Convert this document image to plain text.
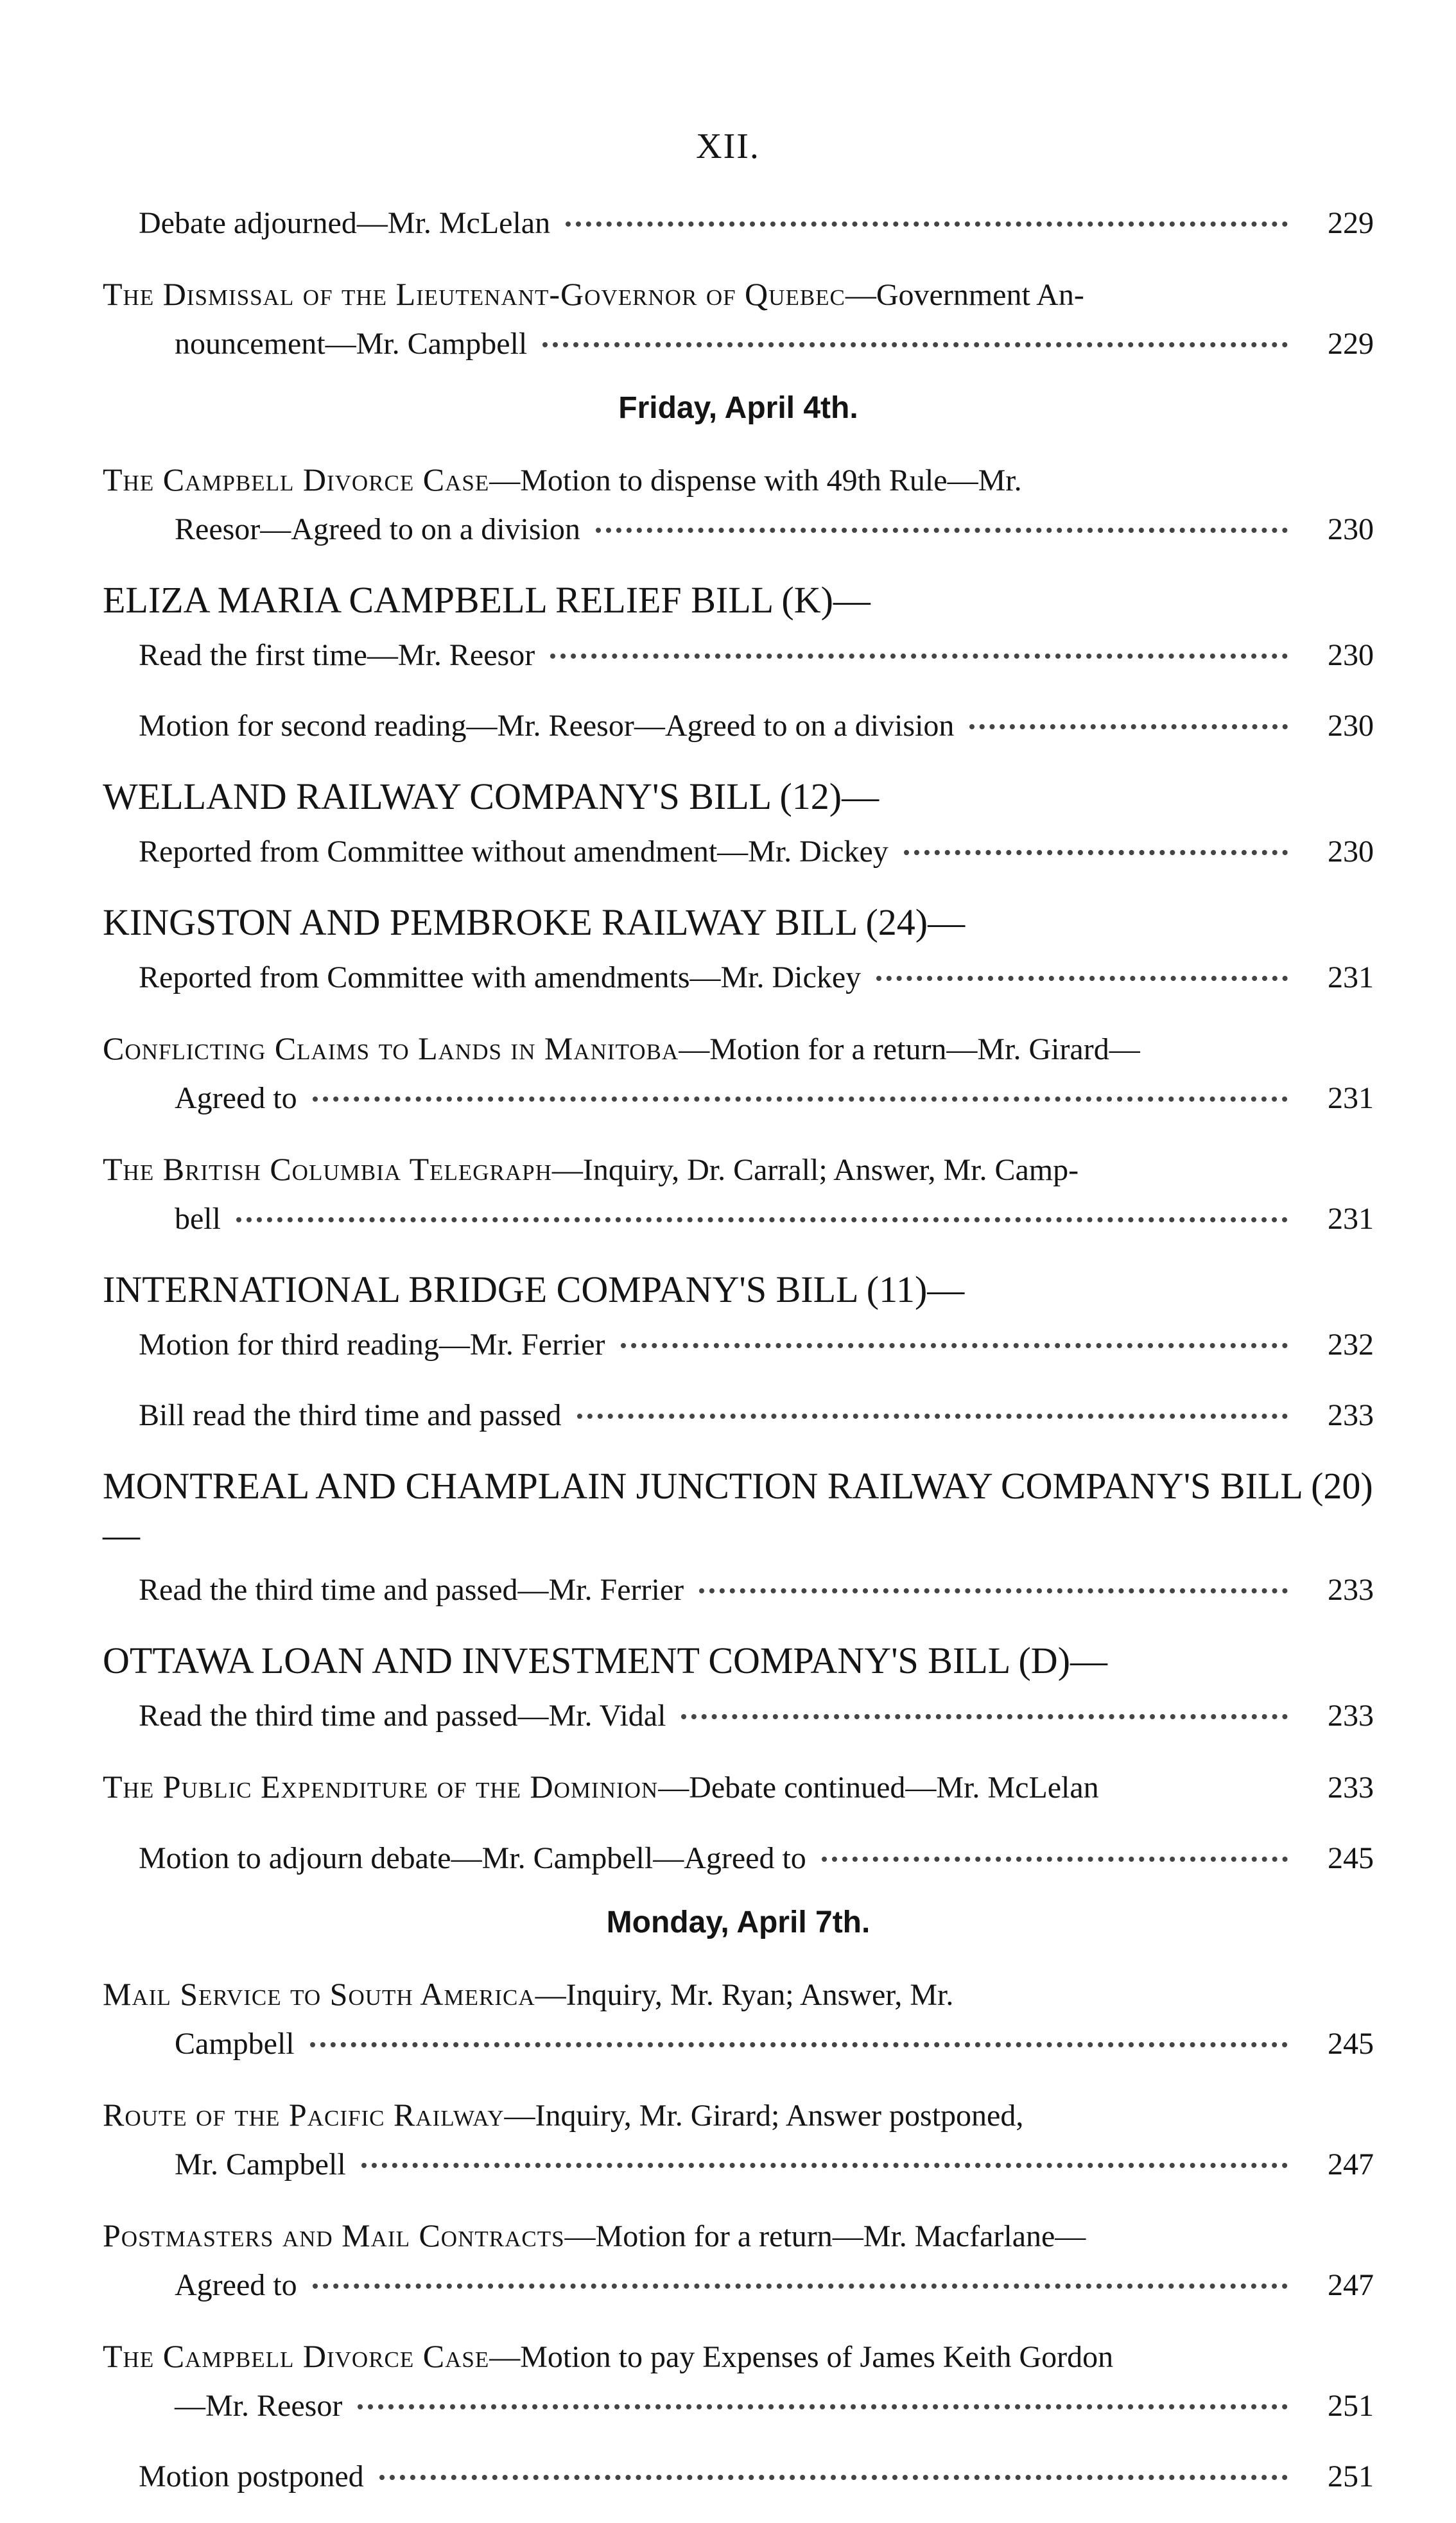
XII.
Debate adjourned—Mr. McLelan	229
The Dismissal of the Lieutenant-Governor of Quebec—Government An-
nouncement—Mr. Campbell	229
Friday, April 4th.
The Campbell Divorce Case—Motion to dispense with 49th Rule—Mr.
Reesor—Agreed to on a division	230
ELIZA MARIA CAMPBELL RELIEF BILL (K)—
Read the first time—Mr. Reesor	230
Motion for second reading—Mr. Reesor—Agreed to on a division	230
WELLAND RAILWAY COMPANY'S BILL (12)—
Reported from Committee without amendment—Mr. Dickey	230
KINGSTON AND PEMBROKE RAILWAY BILL (24)—
Reported from Committee with amendments—Mr. Dickey	231
Conflicting Claims to Lands in Manitoba—Motion for a return—Mr. Girard—
Agreed to	231
The British Columbia Telegraph—Inquiry, Dr. Carrall; Answer, Mr. Camp-
bell	231
INTERNATIONAL BRIDGE COMPANY'S BILL (11)—
Motion for third reading—Mr. Ferrier	232
Bill read the third time and passed	233
MONTREAL AND CHAMPLAIN JUNCTION RAILWAY COMPANY'S BILL (20)—
Read the third time and passed—Mr. Ferrier	233
OTTAWA LOAN AND INVESTMENT COMPANY'S BILL (D)—
Read the third time and passed—Mr. Vidal	233
The Public Expenditure of the Dominion—Debate continued—Mr. McLelan	233
Motion to adjourn debate—Mr. Campbell—Agreed to	245
Monday, April 7th.
Mail Service to South America—Inquiry, Mr. Ryan; Answer, Mr.
Campbell	245
Route of the Pacific Railway—Inquiry, Mr. Girard; Answer postponed,
Mr. Campbell	247
Postmasters and Mail Contracts—Motion for a return—Mr. Macfarlane—
Agreed to	247
The Campbell Divorce Case—Motion to pay Expenses of James Keith Gordon
—Mr. Reesor	251
Motion postponed	251
